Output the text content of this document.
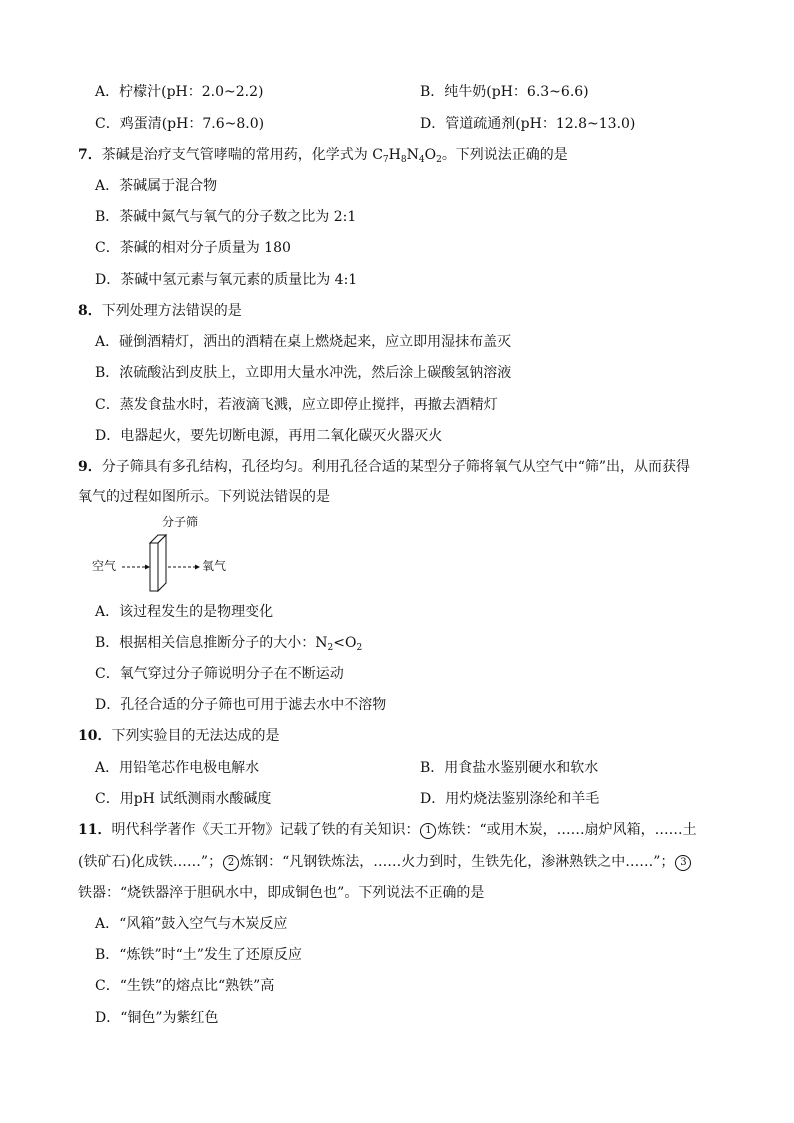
A．柠檬汁(pH：2.0~2.2)	B．纯牛奶(pH：6.3~6.6)
C．鸡蛋清(pH：7.6~8.0)	D．管道疏通剂(pH：12.8~13.0)
7．茶碱是治疗支气管哮喘的常用药，化学式为 $C_7H_8N_4O_2$。下列说法正确的是
A．茶碱属于混合物
B．茶碱中氮气与氧气的分子数之比为 2:1
C．茶碱的相对分子质量为 180
D．茶碱中氢元素与氧元素的质量比为 4:1
8．下列处理方法错误的是
A．碰倒酒精灯，洒出的酒精在桌上燃烧起来，应立即用湿抹布盖灭
B．浓硫酸沾到皮肤上，立即用大量水冲洗，然后涂上碳酸氢钠溶液
C．蒸发食盐水时，若液滴飞溅，应立即停止搅拌，再撤去酒精灯
D．电器起火，要先切断电源，再用二氧化碳灭火器灭火
9．分子筛具有多孔结构，孔径均匀。利用孔径合适的某型分子筛将氧气从空气中“筛”出，从而获得
氧气的过程如图所示。下列说法错误的是
分子筛
空气	氧气
A．该过程发生的是物理变化
B．根据相关信息推断分子的大小：$N_2<O_2$
C．氧气穿过分子筛说明分子在不断运动
D．孔径合适的分子筛也可用于滤去水中不溶物
10．下列实验目的无法达成的是
A．用铅笔芯作电极电解水	B．用食盐水鉴别硬水和软水
C．用pH 试纸测雨水酸碱度	D．用灼烧法鉴别涤纶和羊毛
11．明代科学著作《天工开物》记载了铁的有关知识： 1 炼铁：“或用木炭，……扇炉风箱，……土
(铁矿石)化成铁……”； 2 炼钢：“凡钢铁炼法，……火力到时，生铁先化，渗淋熟铁之中……”； 3
铁器：“烧铁器淬于胆矾水中，即成铜色也”。下列说法不正确的是
A．“风箱”鼓入空气与木炭反应
B．“炼铁”时“土”发生了还原反应
C．“生铁”的熔点比“熟铁”高
D．“铜色”为紫红色
